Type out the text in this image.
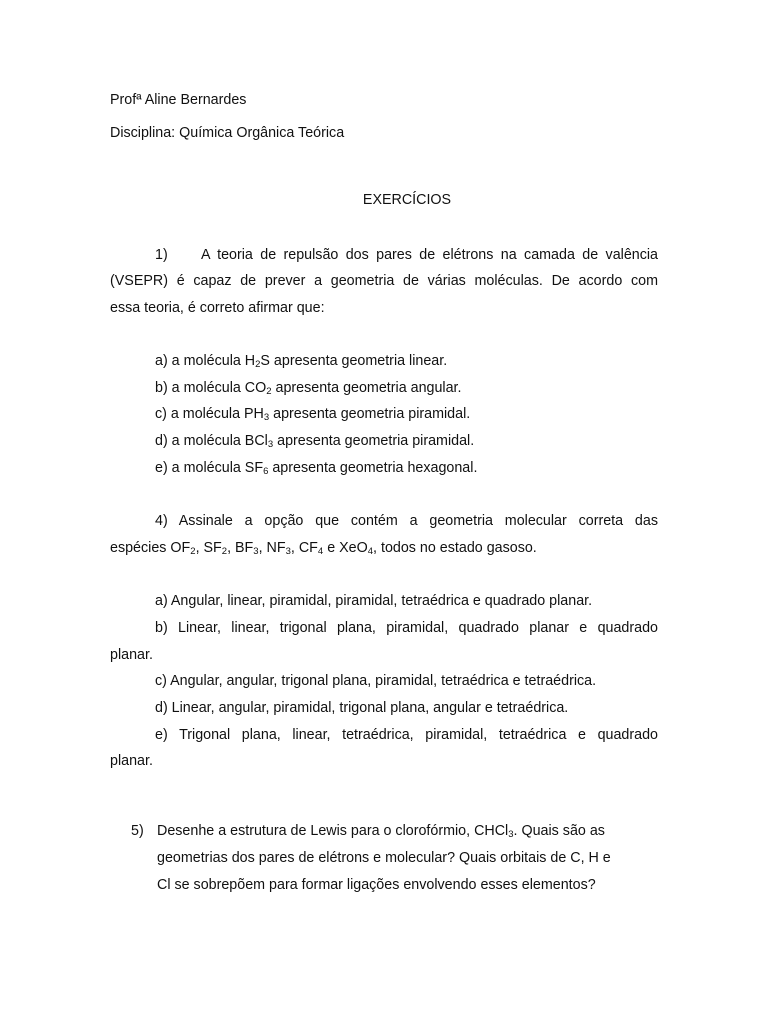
Profª Aline Bernardes
Disciplina: Química Orgânica Teórica
EXERCÍCIOS
1) A teoria de repulsão dos pares de elétrons na camada de valência
(VSEPR) é capaz de prever a geometria de várias moléculas. De acordo com
essa teoria, é correto afirmar que:
a) a molécula $H_2S$ apresenta geometria linear.
b) a molécula $CO_2$ apresenta geometria angular.
c) a molécula $PH_3$ apresenta geometria piramidal.
d) a molécula BCl$_3$ apresenta geometria piramidal.
e) a molécula $SF_6$ apresenta geometria hexagonal.
4) Assinale a opção que contém a geometria molecular correta das
espécies $OF_2$, $SF_2$, $BF_3$, $NF_3$, $CF_4$ e XeO$_4$, todos no estado gasoso.
a) Angular, linear, piramidal, piramidal, tetraédrica e quadrado planar.
b) Linear, linear, trigonal plana, piramidal, quadrado planar e quadrado
planar.
c) Angular, angular, trigonal plana, piramidal, tetraédrica e tetraédrica.
d) Linear, angular, piramidal, trigonal plana, angular e tetraédrica.
e) Trigonal plana, linear, tetraédrica, piramidal, tetraédrica e quadrado
planar.
5) Desenhe a estrutura de Lewis para o clorofórmio, CHCl$_3$. Quais são as
geometrias dos pares de elétrons e molecular? Quais orbitais de C, H e
Cl se sobrepõem para formar ligações envolvendo esses elementos?
